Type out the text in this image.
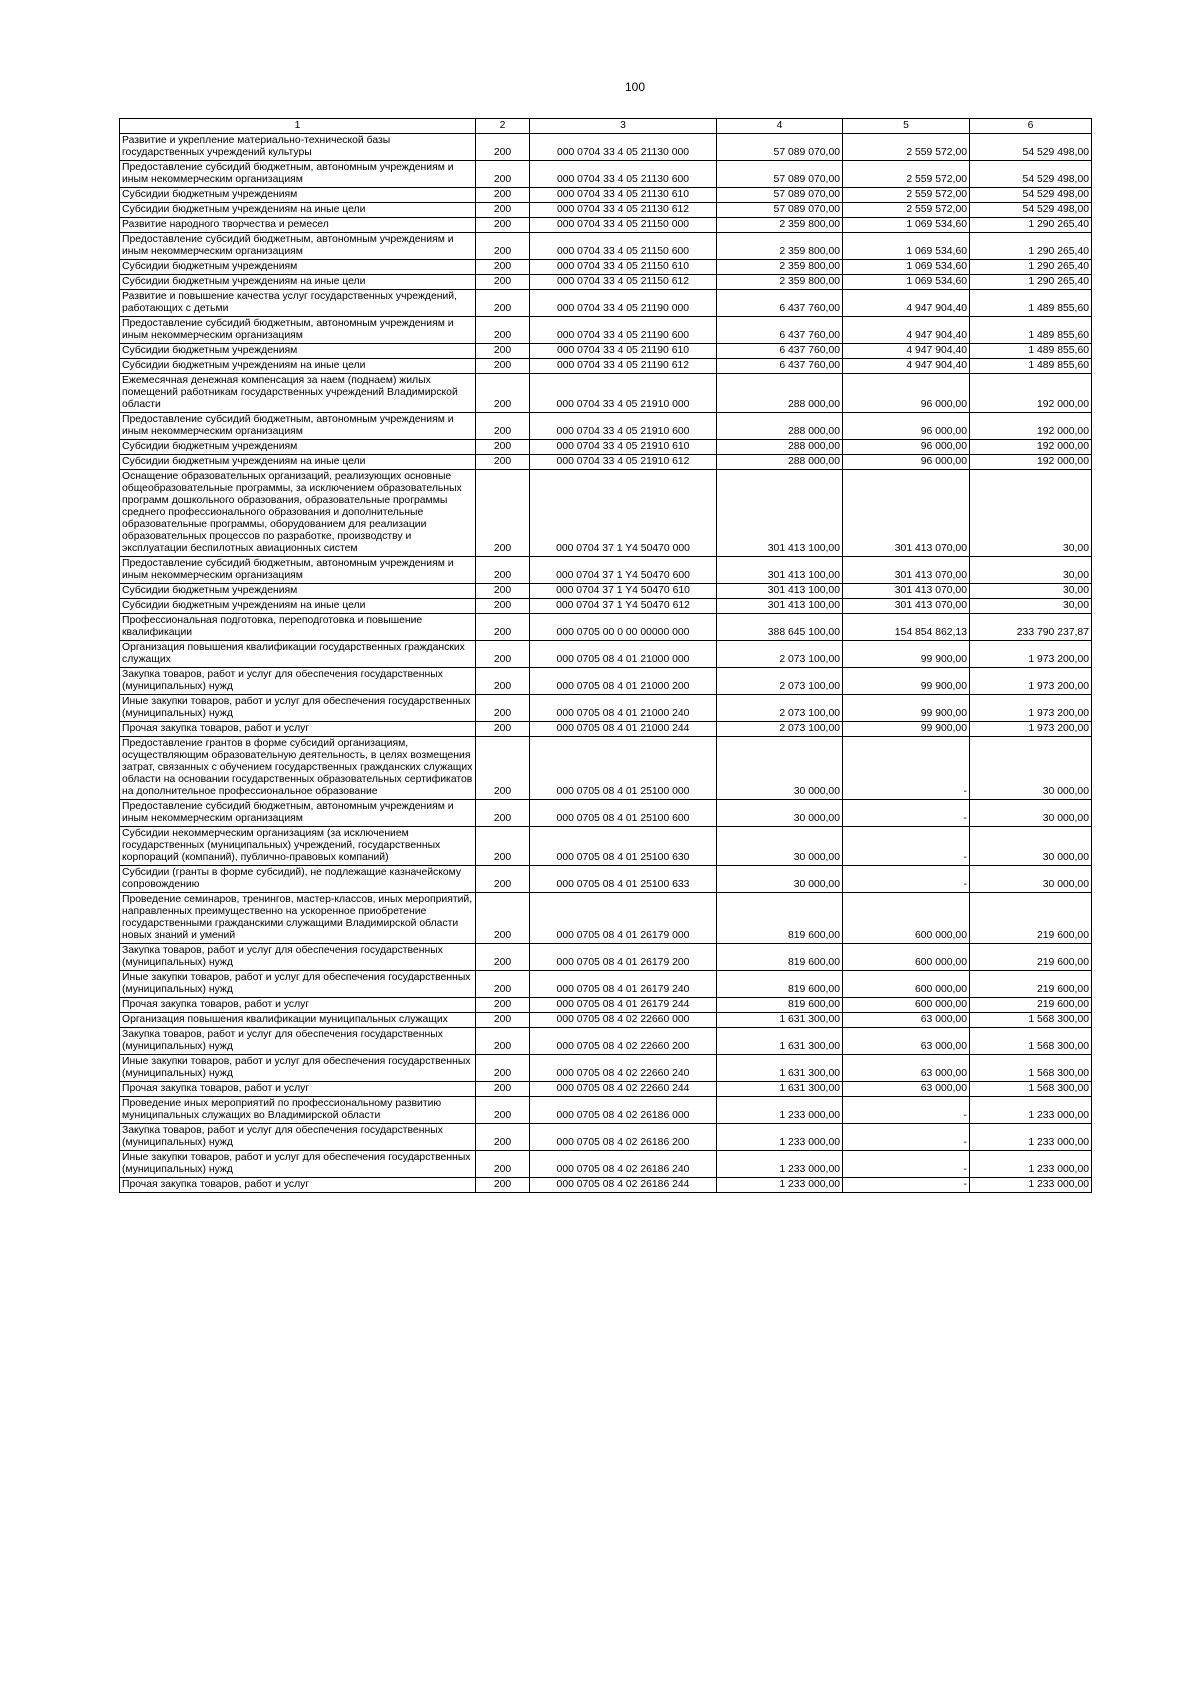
100
1	2	3	4	5	6
Развитие и укрепление материально-технической базы государственных учреждений культуры	200	000 0704 33 4 05 21130 000	57 089 070,00	2 559 572,00	54 529 498,00
Предоставление субсидий бюджетным, автономным учреждениям и иным некоммерческим организациям	200	000 0704 33 4 05 21130 600	57 089 070,00	2 559 572,00	54 529 498,00
Субсидии бюджетным учреждениям	200	000 0704 33 4 05 21130 610	57 089 070,00	2 559 572,00	54 529 498,00
Субсидии бюджетным учреждениям на иные цели	200	000 0704 33 4 05 21130 612	57 089 070,00	2 559 572,00	54 529 498,00
Развитие народного творчества и ремесел	200	000 0704 33 4 05 21150 000	2 359 800,00	1 069 534,60	1 290 265,40
Предоставление субсидий бюджетным, автономным учреждениям и иным некоммерческим организациям	200	000 0704 33 4 05 21150 600	2 359 800,00	1 069 534,60	1 290 265,40
Субсидии бюджетным учреждениям	200	000 0704 33 4 05 21150 610	2 359 800,00	1 069 534,60	1 290 265,40
Субсидии бюджетным учреждениям на иные цели	200	000 0704 33 4 05 21150 612	2 359 800,00	1 069 534,60	1 290 265,40
Развитие и повышение качества услуг государственных учреждений, работающих с детьми	200	000 0704 33 4 05 21190 000	6 437 760,00	4 947 904,40	1 489 855,60
Предоставление субсидий бюджетным, автономным учреждениям и иным некоммерческим организациям	200	000 0704 33 4 05 21190 600	6 437 760,00	4 947 904,40	1 489 855,60
Субсидии бюджетным учреждениям	200	000 0704 33 4 05 21190 610	6 437 760,00	4 947 904,40	1 489 855,60
Субсидии бюджетным учреждениям на иные цели	200	000 0704 33 4 05 21190 612	6 437 760,00	4 947 904,40	1 489 855,60
Ежемесячная денежная компенсация за наем (поднаем) жилых помещений работникам государственных учреждений Владимирской области	200	000 0704 33 4 05 21910 000	288 000,00	96 000,00	192 000,00
Предоставление субсидий бюджетным, автономным учреждениям и иным некоммерческим организациям	200	000 0704 33 4 05 21910 600	288 000,00	96 000,00	192 000,00
Субсидии бюджетным учреждениям	200	000 0704 33 4 05 21910 610	288 000,00	96 000,00	192 000,00
Субсидии бюджетным учреждениям на иные цели	200	000 0704 33 4 05 21910 612	288 000,00	96 000,00	192 000,00
Оснащение образовательных организаций, реализующих основные общеобразовательные программы, за исключением образовательных программ дошкольного образования, образовательные программы среднего профессионального образования и дополнительные образовательные программы, оборудованием для реализации образовательных процессов по разработке, производству и эксплуатации беспилотных авиационных систем	200	000 0704 37 1 Y4 50470 000	301 413 100,00	301 413 070,00	30,00
Предоставление субсидий бюджетным, автономным учреждениям и иным некоммерческим организациям	200	000 0704 37 1 Y4 50470 600	301 413 100,00	301 413 070,00	30,00
Субсидии бюджетным учреждениям	200	000 0704 37 1 Y4 50470 610	301 413 100,00	301 413 070,00	30,00
Субсидии бюджетным учреждениям на иные цели	200	000 0704 37 1 Y4 50470 612	301 413 100,00	301 413 070,00	30,00
Профессиональная подготовка, переподготовка и повышение квалификации	200	000 0705 00 0 00 00000 000	388 645 100,00	154 854 862,13	233 790 237,87
Организация повышения квалификации государственных гражданских служащих	200	000 0705 08 4 01 21000 000	2 073 100,00	99 900,00	1 973 200,00
Закупка товаров, работ и услуг для обеспечения государственных (муниципальных) нужд	200	000 0705 08 4 01 21000 200	2 073 100,00	99 900,00	1 973 200,00
Иные закупки товаров, работ и услуг для обеспечения государственных (муниципальных) нужд	200	000 0705 08 4 01 21000 240	2 073 100,00	99 900,00	1 973 200,00
Прочая закупка товаров, работ и услуг	200	000 0705 08 4 01 21000 244	2 073 100,00	99 900,00	1 973 200,00
Предоставление грантов в форме субсидий организациям, осуществляющим образовательную деятельность, в целях возмещения затрат, связанных с обучением государственных гражданских служащих области на основании государственных образовательных сертификатов на дополнительное профессиональное образование	200	000 0705 08 4 01 25100 000	30 000,00	-	30 000,00
Предоставление субсидий бюджетным, автономным учреждениям и иным некоммерческим организациям	200	000 0705 08 4 01 25100 600	30 000,00	-	30 000,00
Субсидии некоммерческим организациям (за исключением государственных (муниципальных) учреждений, государственных корпораций (компаний), публично-правовых компаний)	200	000 0705 08 4 01 25100 630	30 000,00	-	30 000,00
Субсидии (гранты в форме субсидий), не подлежащие казначейскому сопровождению	200	000 0705 08 4 01 25100 633	30 000,00	-	30 000,00
Проведение семинаров, тренингов, мастер-классов, иных мероприятий, направленных преимущественно на ускоренное приобретение государственными гражданскими служащими Владимирской области новых знаний и умений	200	000 0705 08 4 01 26179 000	819 600,00	600 000,00	219 600,00
Закупка товаров, работ и услуг для обеспечения государственных (муниципальных) нужд	200	000 0705 08 4 01 26179 200	819 600,00	600 000,00	219 600,00
Иные закупки товаров, работ и услуг для обеспечения государственных (муниципальных) нужд	200	000 0705 08 4 01 26179 240	819 600,00	600 000,00	219 600,00
Прочая закупка товаров, работ и услуг	200	000 0705 08 4 01 26179 244	819 600,00	600 000,00	219 600,00
Организация повышения квалификации муниципальных служащих	200	000 0705 08 4 02 22660 000	1 631 300,00	63 000,00	1 568 300,00
Закупка товаров, работ и услуг для обеспечения государственных (муниципальных) нужд	200	000 0705 08 4 02 22660 200	1 631 300,00	63 000,00	1 568 300,00
Иные закупки товаров, работ и услуг для обеспечения государственных (муниципальных) нужд	200	000 0705 08 4 02 22660 240	1 631 300,00	63 000,00	1 568 300,00
Прочая закупка товаров, работ и услуг	200	000 0705 08 4 02 22660 244	1 631 300,00	63 000,00	1 568 300,00
Проведение иных мероприятий по профессиональному развитию муниципальных служащих во Владимирской области	200	000 0705 08 4 02 26186 000	1 233 000,00	-	1 233 000,00
Закупка товаров, работ и услуг для обеспечения государственных (муниципальных) нужд	200	000 0705 08 4 02 26186 200	1 233 000,00	-	1 233 000,00
Иные закупки товаров, работ и услуг для обеспечения государственных (муниципальных) нужд	200	000 0705 08 4 02 26186 240	1 233 000,00	-	1 233 000,00
Прочая закупка товаров, работ и услуг	200	000 0705 08 4 02 26186 244	1 233 000,00	-	1 233 000,00
